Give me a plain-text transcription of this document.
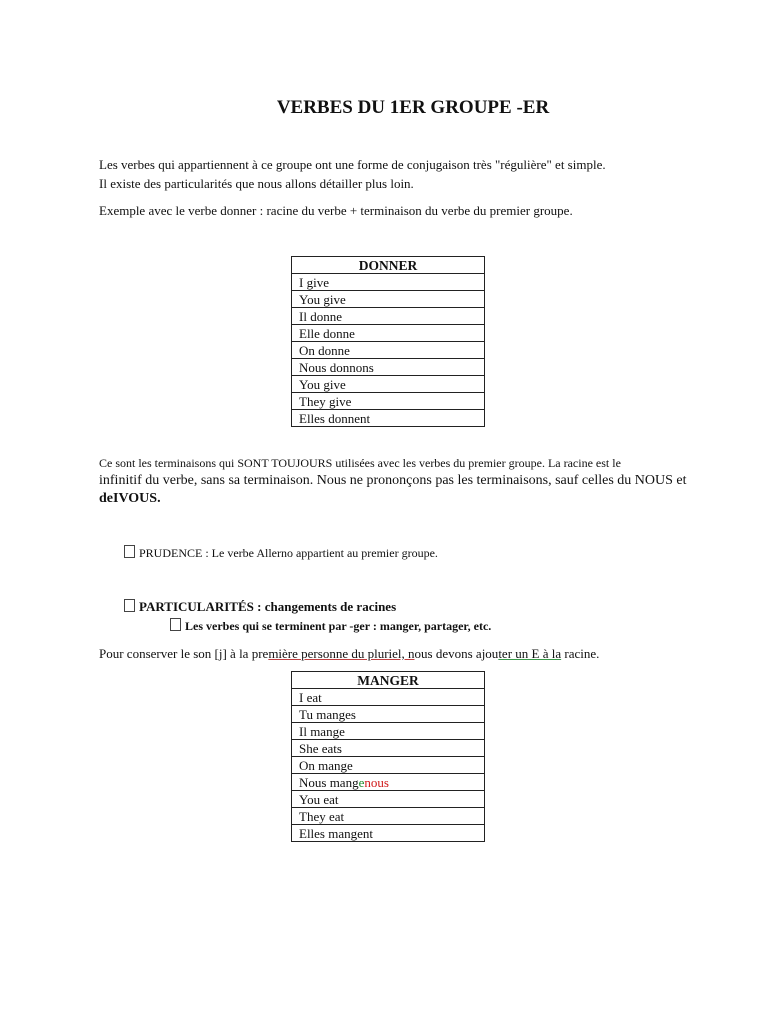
VERBES DU 1ER GROUPE -ER
Les verbes qui appartiennent à ce groupe ont une forme de conjugaison très "régulière" et simple.
Il existe des particularités que nous allons détailler plus loin.
Exemple avec le verbe donner : racine du verbe + terminaison du verbe du premier groupe.
DONNER
I give
You give
Il donne
Elle donne
On donne
Nous donnons
You give
They give
Elles donnent
Ce sont les terminaisons qui SONT TOUJOURS utilisées avec les verbes du premier groupe. La racine est le
infinitif du verbe, sans sa terminaison. Nous ne prononçons pas les terminaisons, sauf celles du NOUS et
deIVOUS.
PRUDENCE : Le verbe Allerno appartient au premier groupe.
PARTICULARITÉS : changements de racines
Les verbes qui se terminent par -ger : manger, partager, etc.
Pour conserver le son [j] à la première personne du pluriel, nous devons ajouter un E à la racine.
MANGER
I eat
Tu manges
Il mange
She eats
On mange
Nous mangenous
You eat
They eat
Elles mangent
